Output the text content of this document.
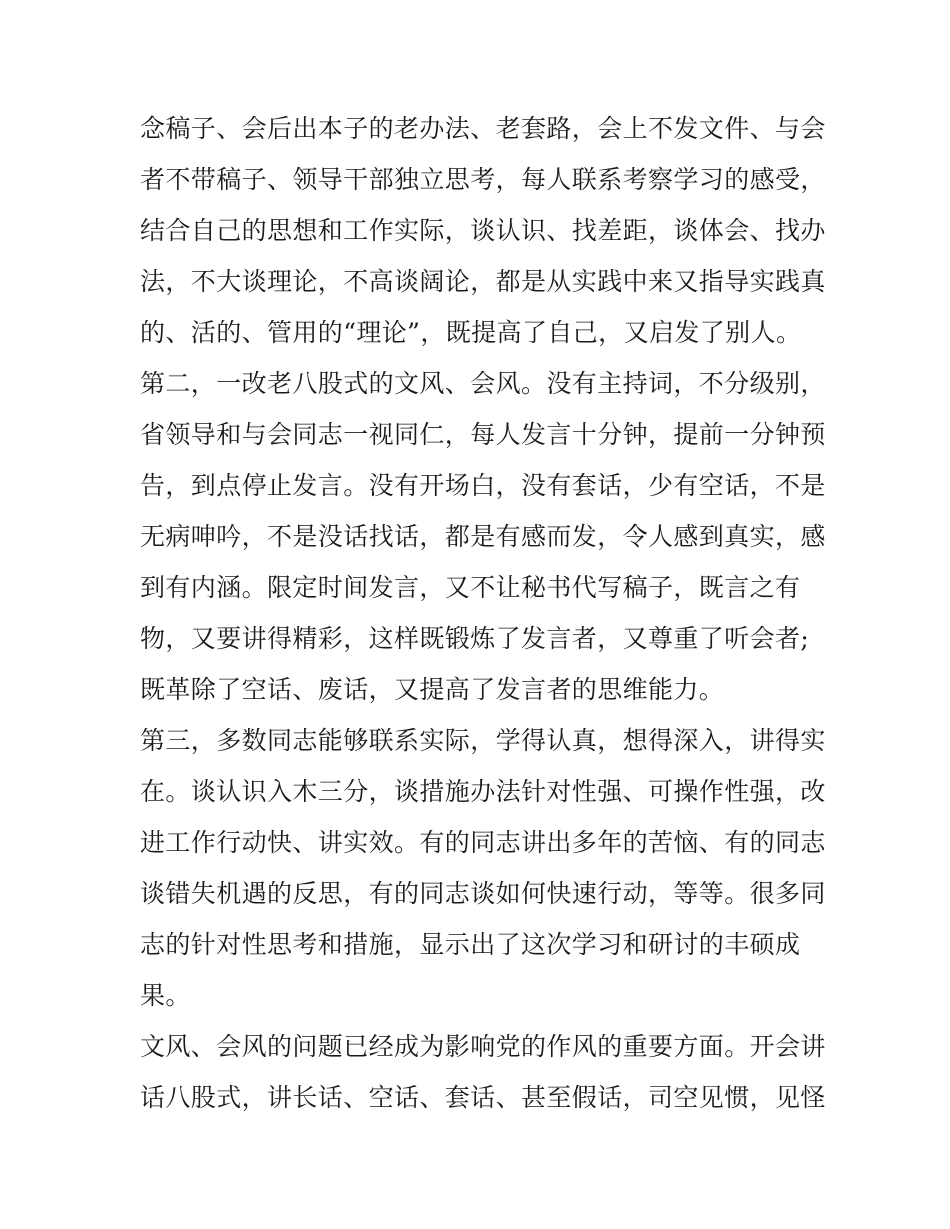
念稿子、会后出本子的老办法、老套路，会上不发文件、与会
者不带稿子、领导干部独立思考，每人联系考察学习的感受，
结合自己的思想和工作实际，谈认识、找差距，谈体会、找办
法，不大谈理论，不高谈阔论，都是从实践中来又指导实践真
的、活的、管用的“理论”，既提高了自己，又启发了别人。
第二，一改老八股式的文风、会风。没有主持词，不分级别，
省领导和与会同志一视同仁，每人发言十分钟，提前一分钟预
告，到点停止发言。没有开场白，没有套话，少有空话，不是
无病呻吟，不是没话找话，都是有感而发，令人感到真实，感
到有内涵。限定时间发言，又不让秘书代写稿子，既言之有
物，又要讲得精彩，这样既锻炼了发言者，又尊重了听会者;
既革除了空话、废话，又提高了发言者的思维能力。
第三，多数同志能够联系实际，学得认真，想得深入，讲得实
在。谈认识入木三分，谈措施办法针对性强、可操作性强，改
进工作行动快、讲实效。有的同志讲出多年的苦恼、有的同志
谈错失机遇的反思，有的同志谈如何快速行动，等等。很多同
志的针对性思考和措施，显示出了这次学习和研讨的丰硕成
果。
文风、会风的问题已经成为影响党的作风的重要方面。开会讲
话八股式，讲长话、空话、套话、甚至假话，司空见惯，见怪
